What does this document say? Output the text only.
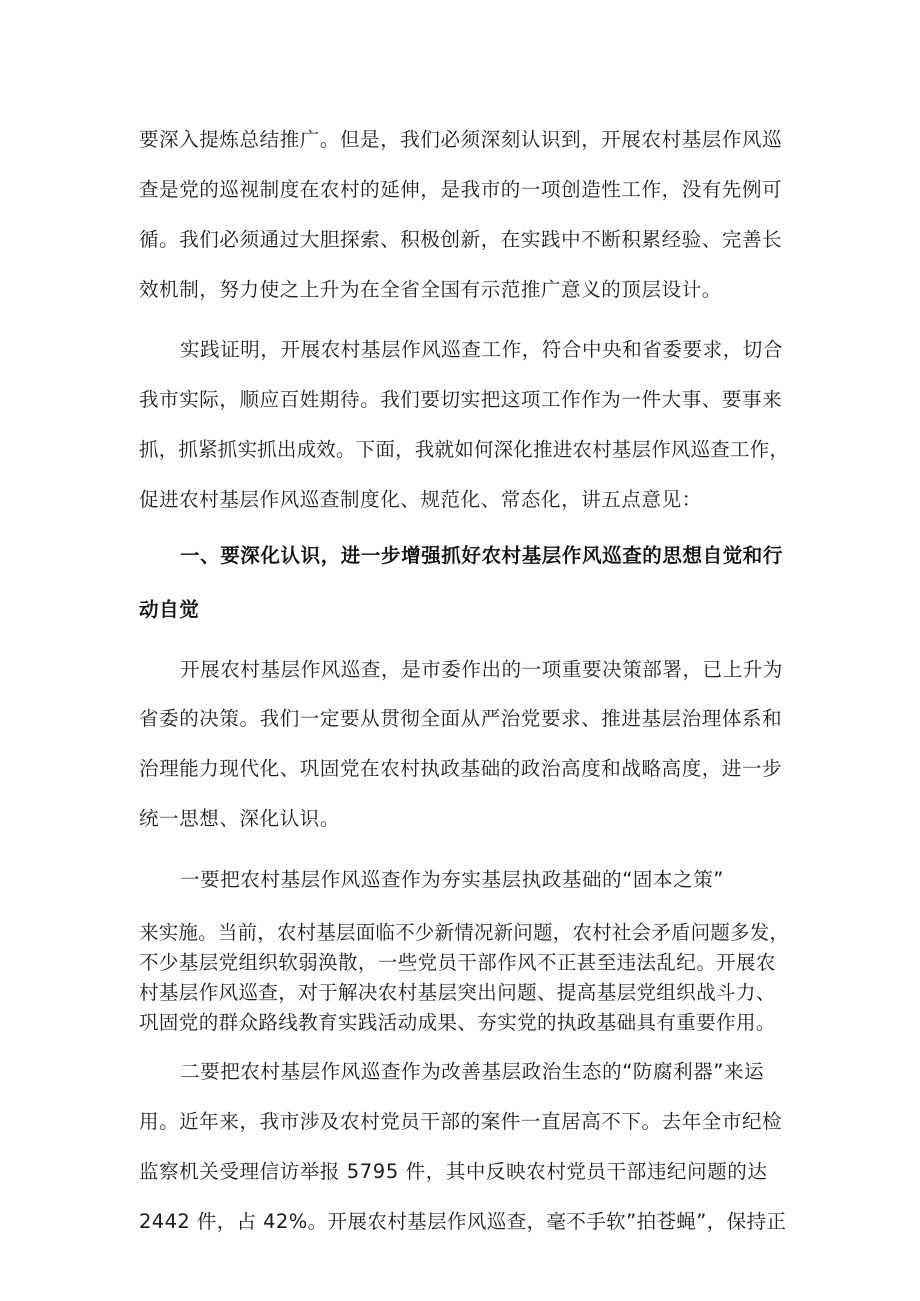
要深入提炼总结推广。但是，我们必须深刻认识到，开展农村基层作风巡
查是党的巡视制度在农村的延伸，是我市的一项创造性工作，没有先例可
循。我们必须通过大胆探索、积极创新，在实践中不断积累经验、完善长
效机制，努力使之上升为在全省全国有示范推广意义的顶层设计。
实践证明，开展农村基层作风巡查工作，符合中央和省委要求，切合
我市实际，顺应百姓期待。我们要切实把这项工作作为一件大事、要事来
抓，抓紧抓实抓出成效。下面，我就如何深化推进农村基层作风巡查工作，
促进农村基层作风巡查制度化、规范化、常态化，讲五点意见：
一、要深化认识，进一步增强抓好农村基层作风巡查的思想自觉和行
动自觉
开展农村基层作风巡查，是市委作出的一项重要决策部署，已上升为
省委的决策。我们一定要从贯彻全面从严治党要求、推进基层治理体系和
治理能力现代化、巩固党在农村执政基础的政治高度和战略高度，进一步
统一思想、深化认识。
一要把农村基层作风巡查作为夯实基层执政基础的“固本之策”
来实施。当前，农村基层面临不少新情况新问题，农村社会矛盾问题多发，
不少基层党组织软弱涣散，一些党员干部作风不正甚至违法乱纪。开展农
村基层作风巡查，对于解决农村基层突出问题、提高基层党组织战斗力、
巩固党的群众路线教育实践活动成果、夯实党的执政基础具有重要作用。
二要把农村基层作风巡查作为改善基层政治生态的“防腐利器”来运
用。近年来，我市涉及农村党员干部的案件一直居高不下。去年全市纪检
监察机关受理信访举报 5795 件，其中反映农村党员干部违纪问题的达
2442 件，占 42%。开展农村基层作风巡查，毫不手软”拍苍蝇”，保持正
